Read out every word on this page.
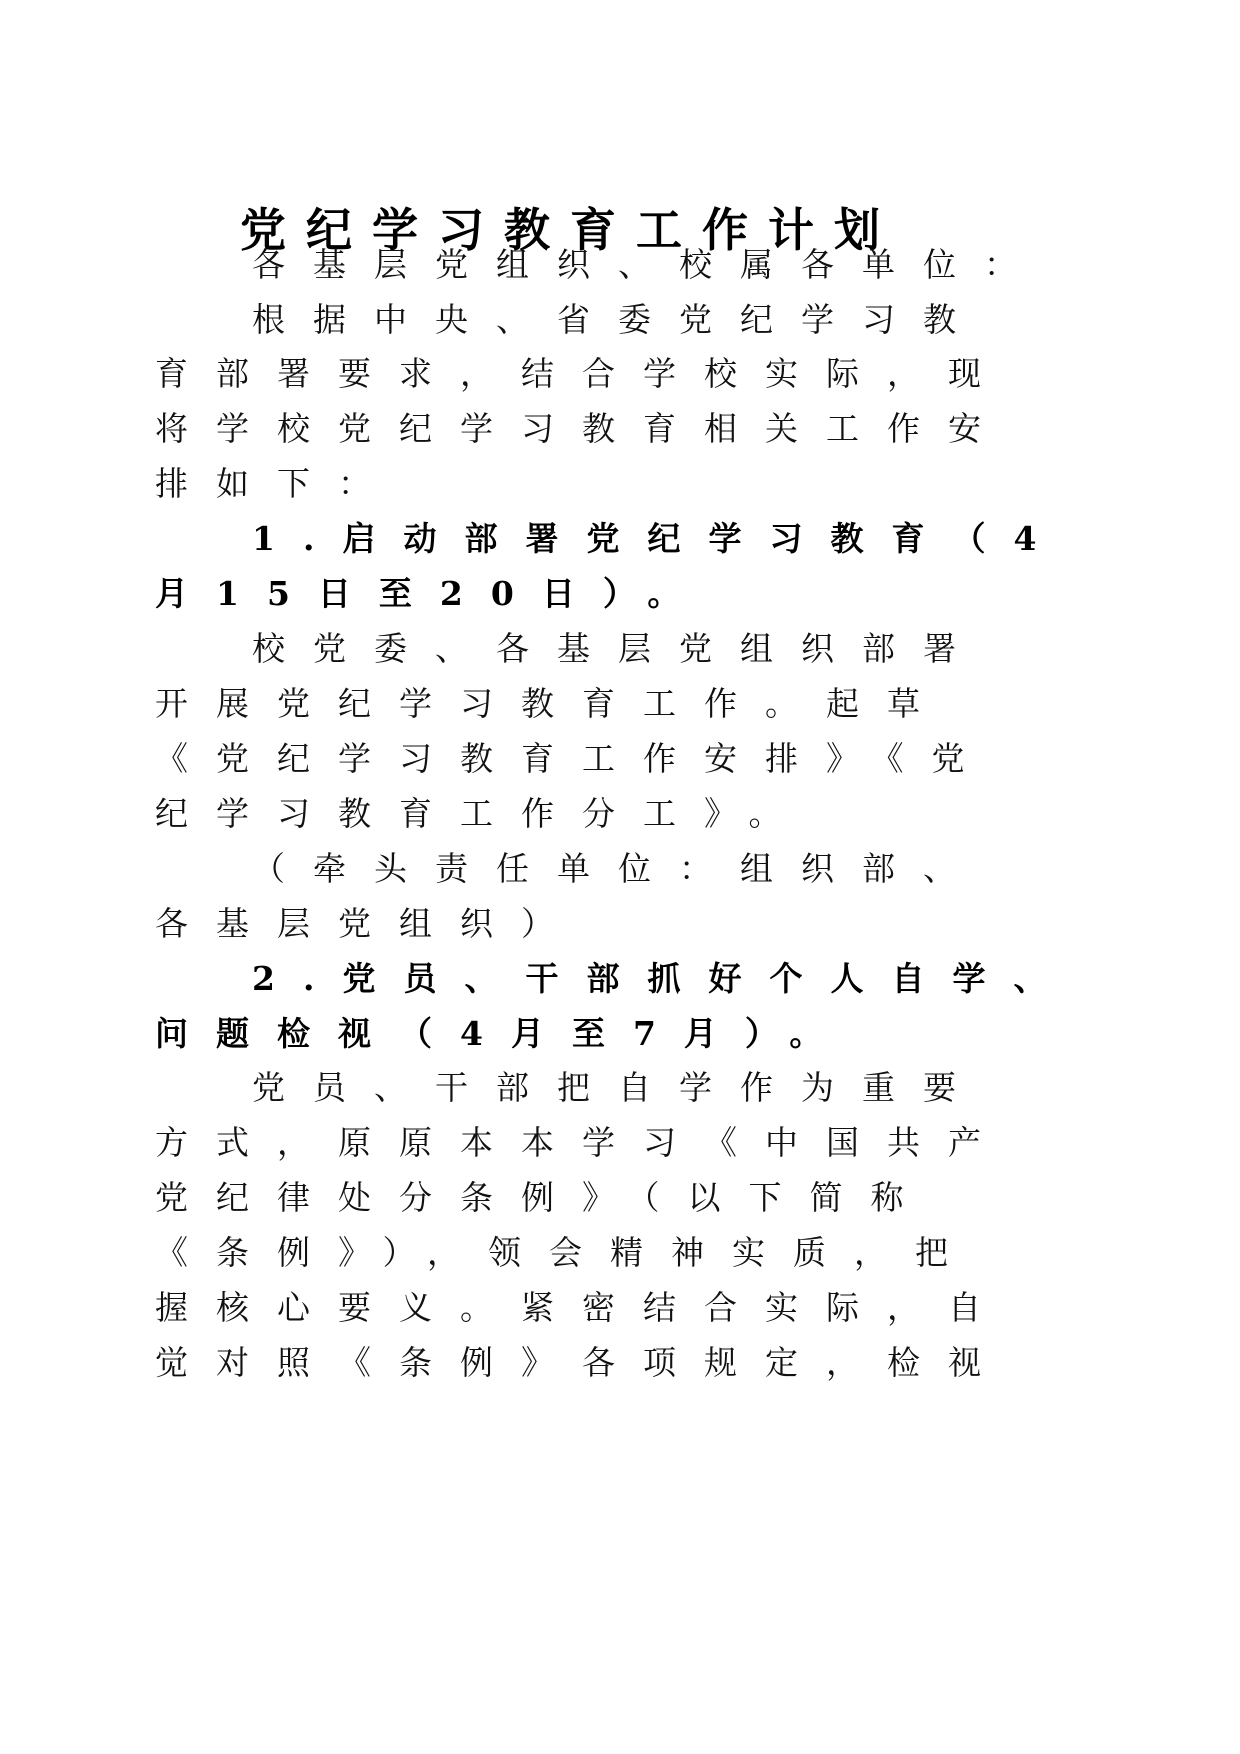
党纪学习教育工作计划
各基层党组织、校属各单位：
根据中央、省委党纪学习教
育部署要求，结合学校实际，现
将学校党纪学习教育相关工作安
排如下：
1.启动部署党纪学习教育（4
月15日至20日）。
校党委、各基层党组织部署
开展党纪学习教育工作。起草
《党纪学习教育工作安排》《党
纪学习教育工作分工》。
（牵头责任单位：组织部、
各基层党组织）
2.党员、干部抓好个人自学、
问题检视（4月至7月）。
党员、干部把自学作为重要
方式，原原本本学习《中国共产
党纪律处分条例》（以下简称
《条例》），领会精神实质，把
握核心要义。紧密结合实际，自
觉对照《条例》各项规定，检视
